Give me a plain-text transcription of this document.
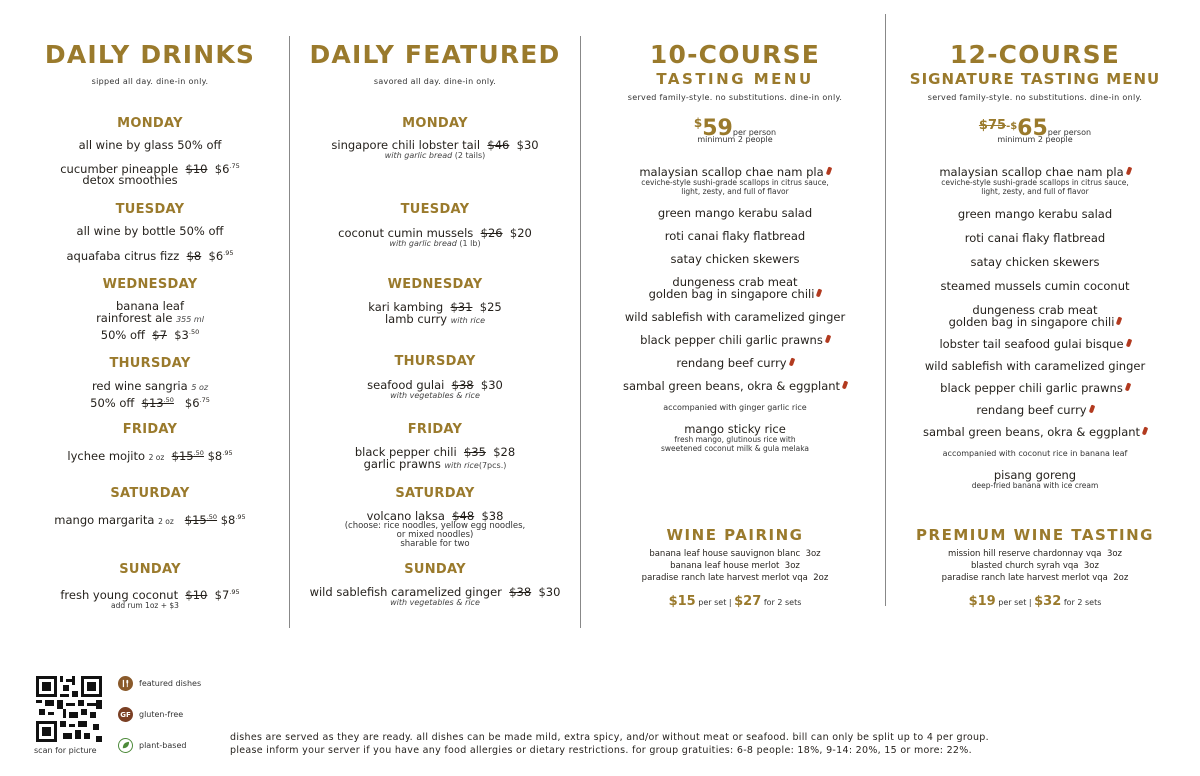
DAILY DRINKS
sipped all day. dine-in only.
MONDAY
all wine by glass 50% off
cucumber pineapple $10 $\$6^{.75}$
detox smoothies
TUESDAY
all wine by bottle 50% off
aquafaba citrus fizz $8 $\$6^{.95}$
WEDNESDAY
banana leaf
rainforest ale 355 ml
50% off $7 $\$3^{.50}$
THURSDAY
red wine sangria 5 oz
50% off $\$13^{.50}$ $\$6^{.75}$
FRIDAY
lychee mojito 2 oz $\$15^{.50}$ $\$8^{.95}$
SATURDAY
mango margarita 2 oz $\$15^{.50}$ $\$8^{.95}$
SUNDAY
fresh young coconut $10 $\$7^{.95}$
add rum 1oz + $3
DAILY FEATURED
savored all day. dine-in only.
MONDAY
singapore chili lobster tail $46 $30
with garlic bread (2 tails)
TUESDAY
coconut cumin mussels $26 $20
with garlic bread (1 lb)
WEDNESDAY
kari kambing $31 $25
lamb curry with rice
THURSDAY
seafood gulai $38 $30
with vegetables & rice
FRIDAY
black pepper chili $35 $28
garlic prawns with rice(7pcs.)
SATURDAY
volcano laksa $48 $38
(choose: rice noodles, yellow egg noodles,
or mixed noodles)
sharable for two
SUNDAY
wild sablefish caramelized ginger $38 $30
with vegetables & rice
10-COURSE
TASTING MENU
served family-style. no substitutions. dine-in only.
$59per person
minimum 2 people
malaysian scallop chae nam pla
ceviche-style sushi-grade scallops in citrus sauce,
light, zesty, and full of flavor
green mango kerabu salad
roti canai flaky flatbread
satay chicken skewers
dungeness crab meat
golden bag in singapore chili
wild sablefish with caramelized ginger
black pepper chili garlic prawns
rendang beef curry
sambal green beans, okra & eggplant
accompanied with ginger garlic rice
mango sticky rice
fresh mango, glutinous rice with
sweetened coconut milk & gula melaka
WINE PAIRING
banana leaf house sauvignon blanc 3oz
banana leaf house merlot 3oz
paradise ranch late harvest merlot vqa 2oz
$15 per set | $27 for 2 sets
12-COURSE
SIGNATURE TASTING MENU
served family-style. no substitutions. dine-in only.
$^{\$75-\$}$65per person
minimum 2 people
malaysian scallop chae nam pla
ceviche-style sushi-grade scallops in citrus sauce,
light, zesty, and full of flavor
green mango kerabu salad
roti canai flaky flatbread
satay chicken skewers
steamed mussels cumin coconut
dungeness crab meat
golden bag in singapore chili
lobster tail seafood gulai bisque
wild sablefish with caramelized ginger
black pepper chili garlic prawns
rendang beef curry
sambal green beans, okra & eggplant
accompanied with coconut rice in banana leaf
pisang goreng
deep-fried banana with ice cream
PREMIUM WINE TASTING
mission hill reserve chardonnay vqa 3oz
blasted church syrah vqa 3oz
paradise ranch late harvest merlot vqa 2oz
$19 per set | $32 for 2 sets
scan for picture
featured dishes
GF gluten-free
plant-based
dishes are served as they are ready. all dishes can be made mild, extra spicy, and/or without meat or seafood. bill can only be split up to 4 per group.
please inform your server if you have any food allergies or dietary restrictions. for group gratuities: 6-8 people: 18%, 9-14: 20%, 15 or more: 22%.
